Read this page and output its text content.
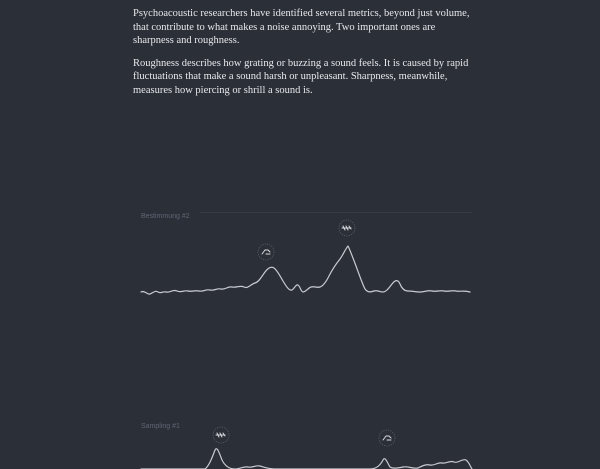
Psychoacoustic researchers have identified several metrics, beyond just volume, that contribute to what makes a noise annoying. Two important ones are sharpness and roughness.

Roughness describes how grating or buzzing a sound feels. It is caused by rapid fluctuations that make a sound harsh or unpleasant. Sharpness, meanwhile, measures how piercing or shrill a sound is.

Bestimmung #2
Sampling #1
